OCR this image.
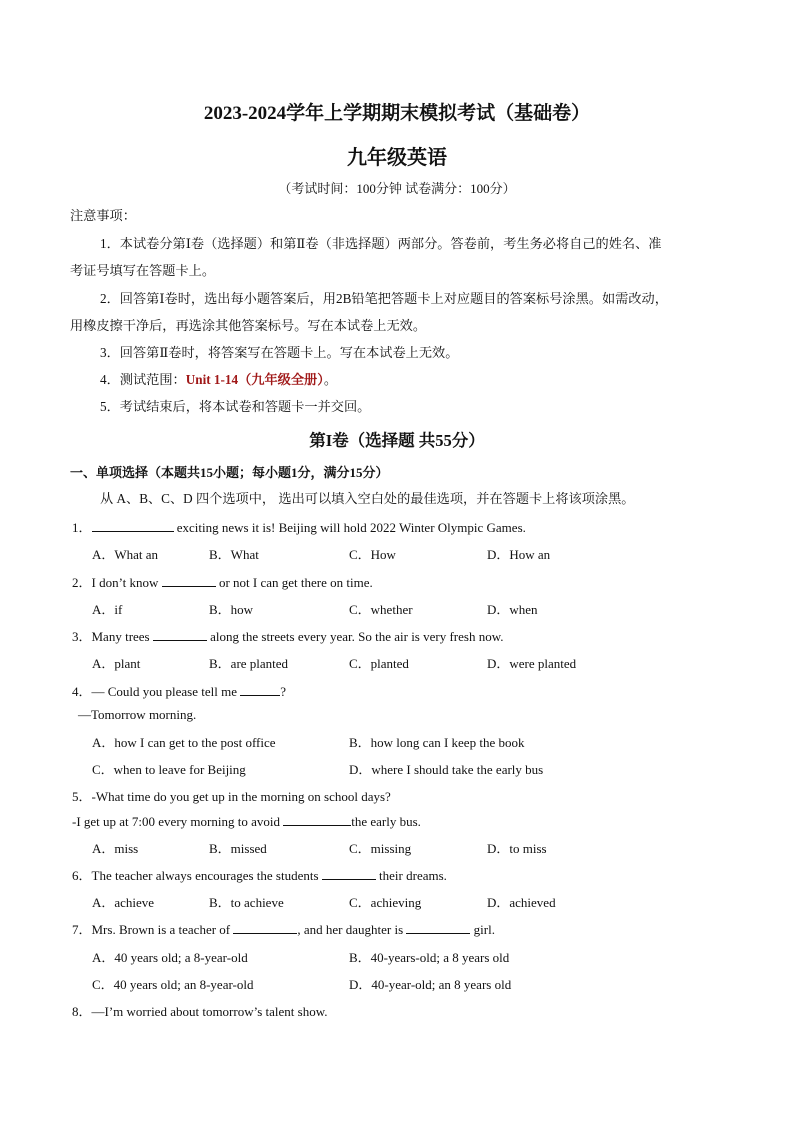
2023-2024学年上学期期末模拟考试（基础卷）
九年级英语
（考试时间：100分钟 试卷满分：100分）
注意事项：
1．本试卷分第Ⅰ卷（选择题）和第Ⅱ卷（非选择题）两部分。答卷前，考生务必将自己的姓名、准
考证号填写在答题卡上。
2．回答第Ⅰ卷时，选出每小题答案后，用2B铅笔把答题卡上对应题目的答案标号涂黑。如需改动，
用橡皮擦干净后，再选涂其他答案标号。写在本试卷上无效。
3．回答第Ⅱ卷时，将答案写在答题卡上。写在本试卷上无效。
4．测试范围：Unit 1-14（九年级全册）。
5．考试结束后，将本试卷和答题卡一并交回。
第I卷（选择题 共55分）
一、单项选择（本题共15小题；每小题1分，满分15分）
从 A、B、C、D 四个选项中， 选出可以填入空白处的最佳选项，并在答题卡上将该项涂黑。
1．	exciting news it is! Beijing will hold 2022 Winter Olympic Games.
A．What an	B．What	C．How	D．How an
2．I don’t know	or not I can get there on time.
A．if	B．how	C．whether	D．when
3．Many trees	along the streets every year. So the air is very fresh now.
A．plant	B．are planted	C．planted	D．were planted
4．— Could you please tell me	?
—Tomorrow morning.
A．how I can get to the post office	B．how long can I keep the book
C．when to leave for Beijing	D．where I should take the early bus
5．-What time do you get up in the morning on school days?
-I get up at 7:00 every morning to avoid	the early bus.
A．miss	B．missed	C．missing	D．to miss
6．The teacher always encourages the students	their dreams.
A．achieve	B．to achieve	C．achieving	D．achieved
7．Mrs. Brown is a teacher of	, and her daughter is	girl.
A．40 years old; a 8-year-old	B．40-years-old; a 8 years old
C．40 years old; an 8-year-old	D．40-year-old; an 8 years old
8．—I’m worried about tomorrow’s talent show.
